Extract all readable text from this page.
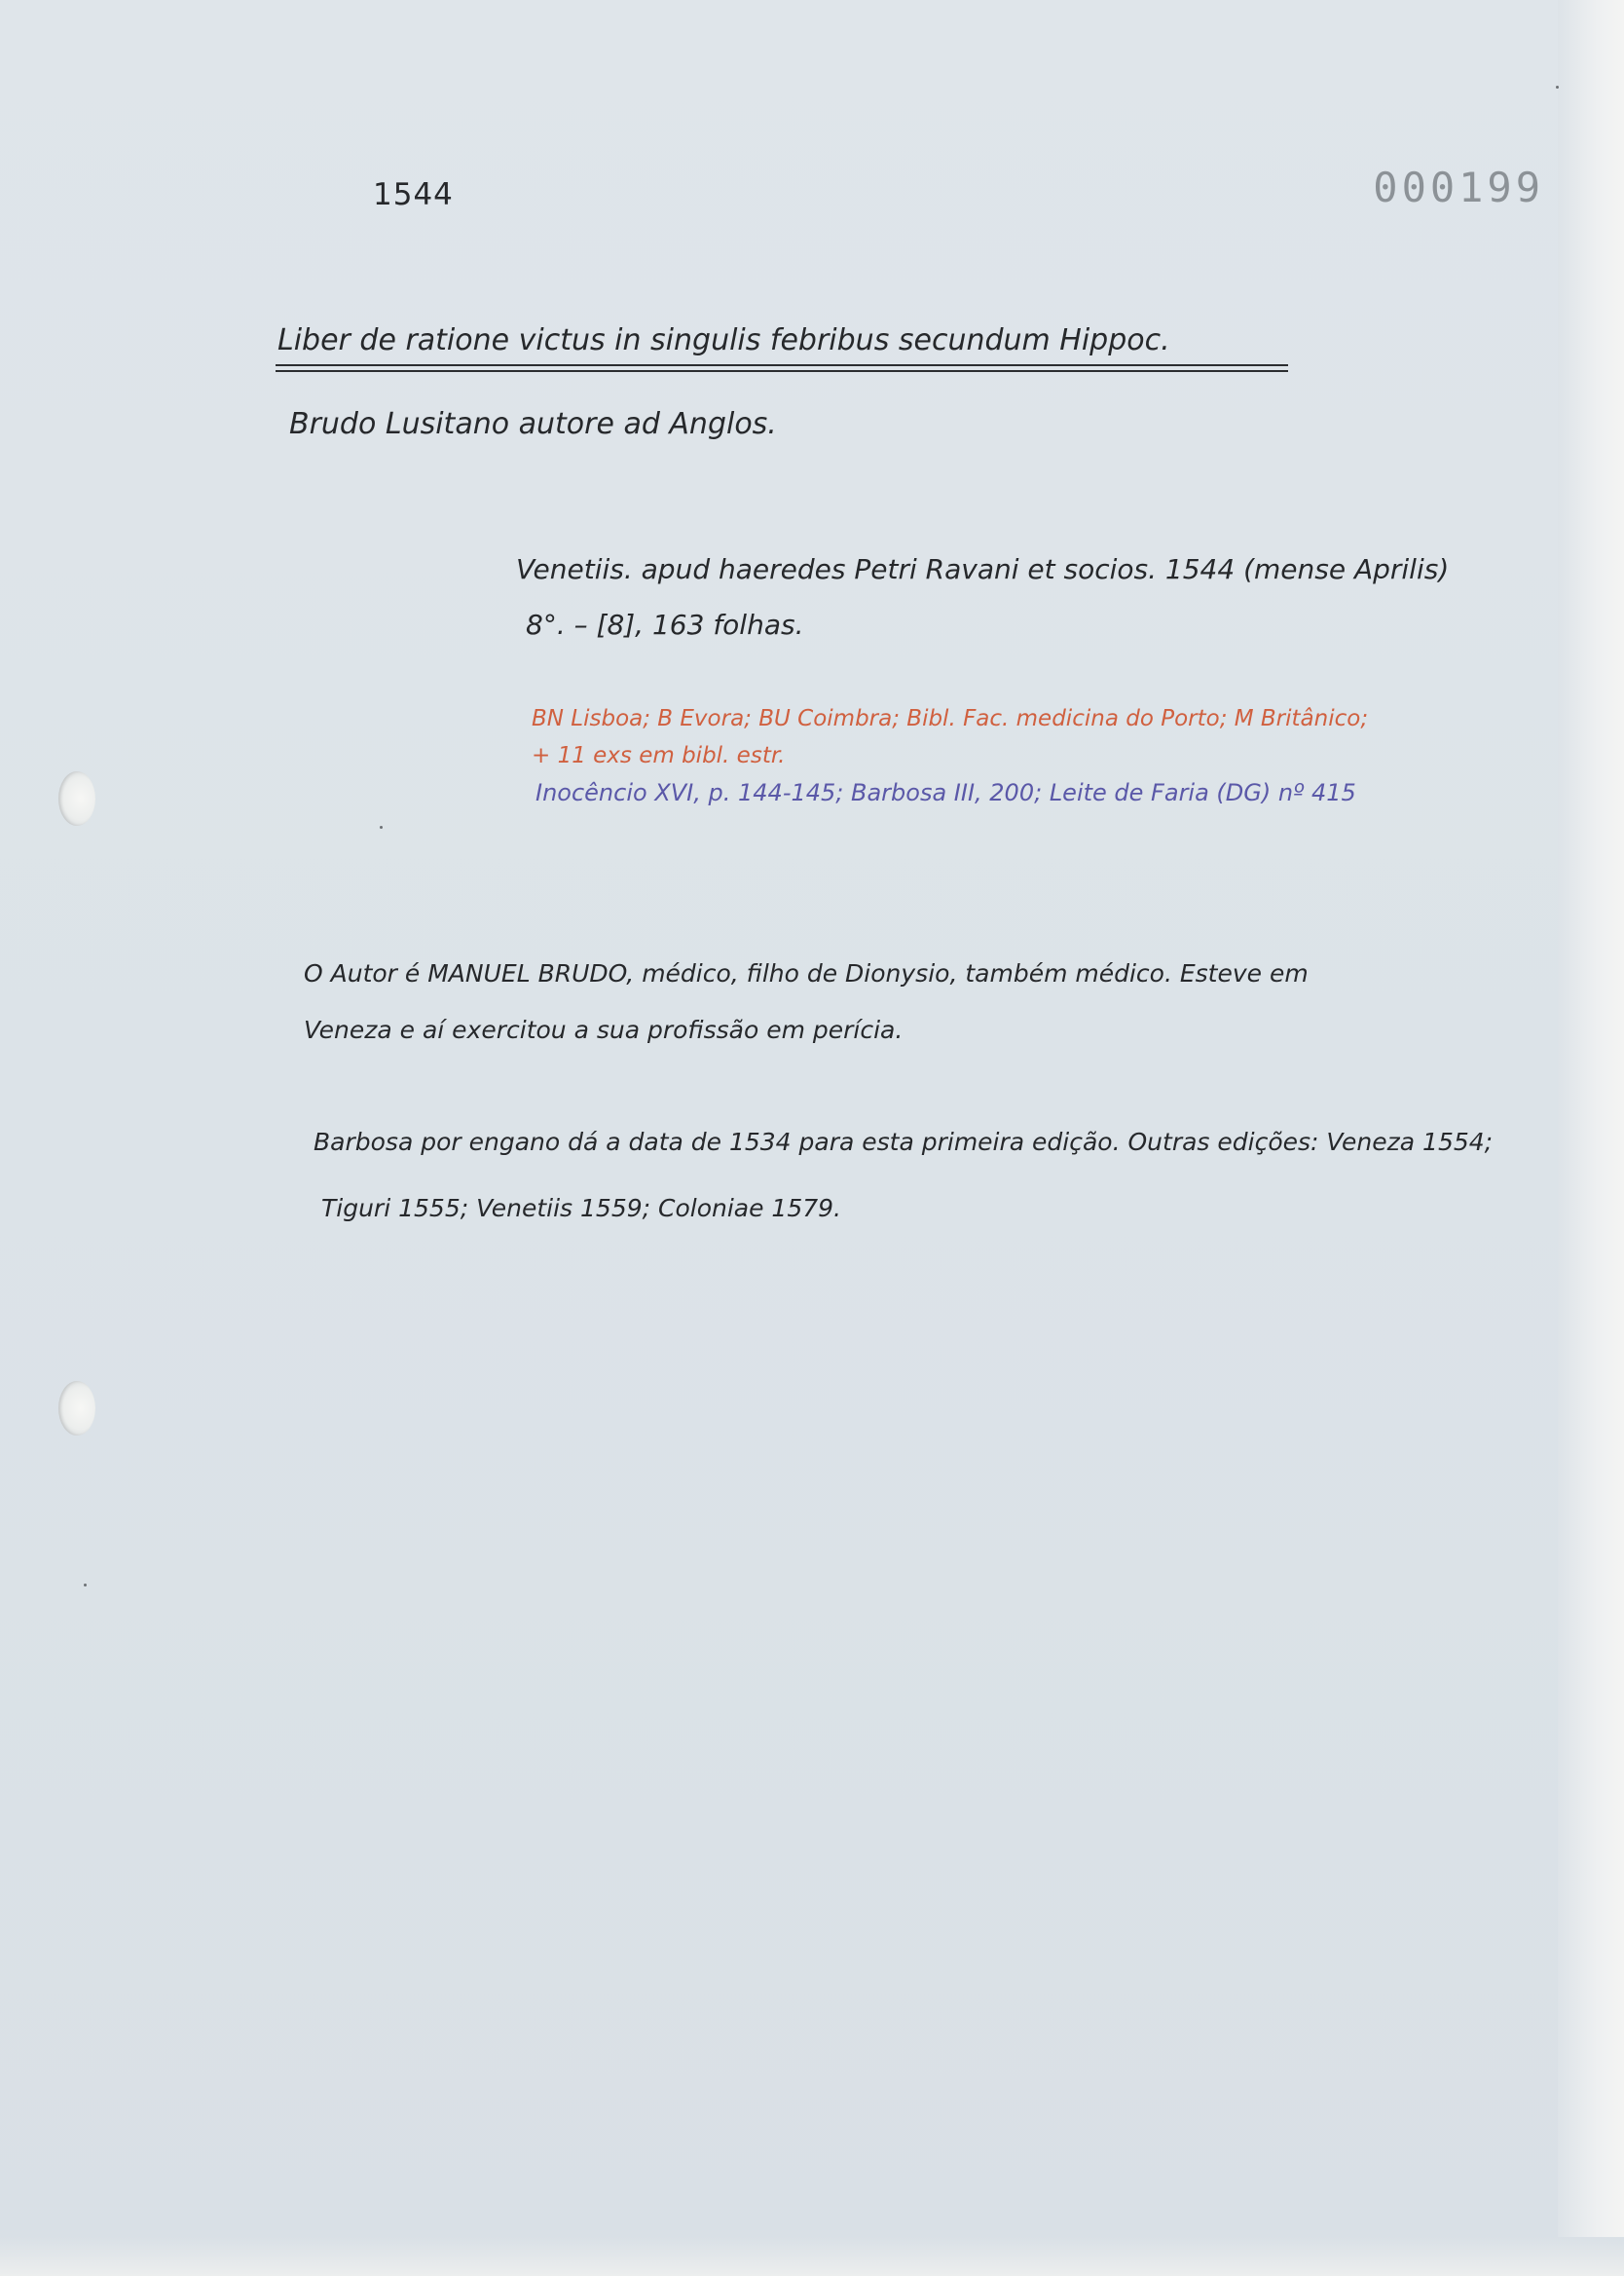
1544	000199
Liber de ratione victus in singulis febribus secundum Hippoc.
Brudo Lusitano autore ad Anglos.
Venetiis. apud haeredes Petri Ravani et socios. 1544 (mense Aprilis)
8°. – [8], 163 folhas.
BN Lisboa; B Evora; BU Coimbra; Bibl. Fac. medicina do Porto; M Britânico;
+ 11 exs em bibl. estr.
Inocêncio XVI, p. 144-145; Barbosa III, 200; Leite de Faria (DG) nº 415
O Autor é MANUEL BRUDO, médico, filho de Dionysio, também médico. Esteve em
Veneza e aí exercitou a sua profissão em perícia.
Barbosa por engano dá a data de 1534 para esta primeira edição. Outras edições: Veneza 1554;
Tiguri 1555; Venetiis 1559; Coloniae 1579.
